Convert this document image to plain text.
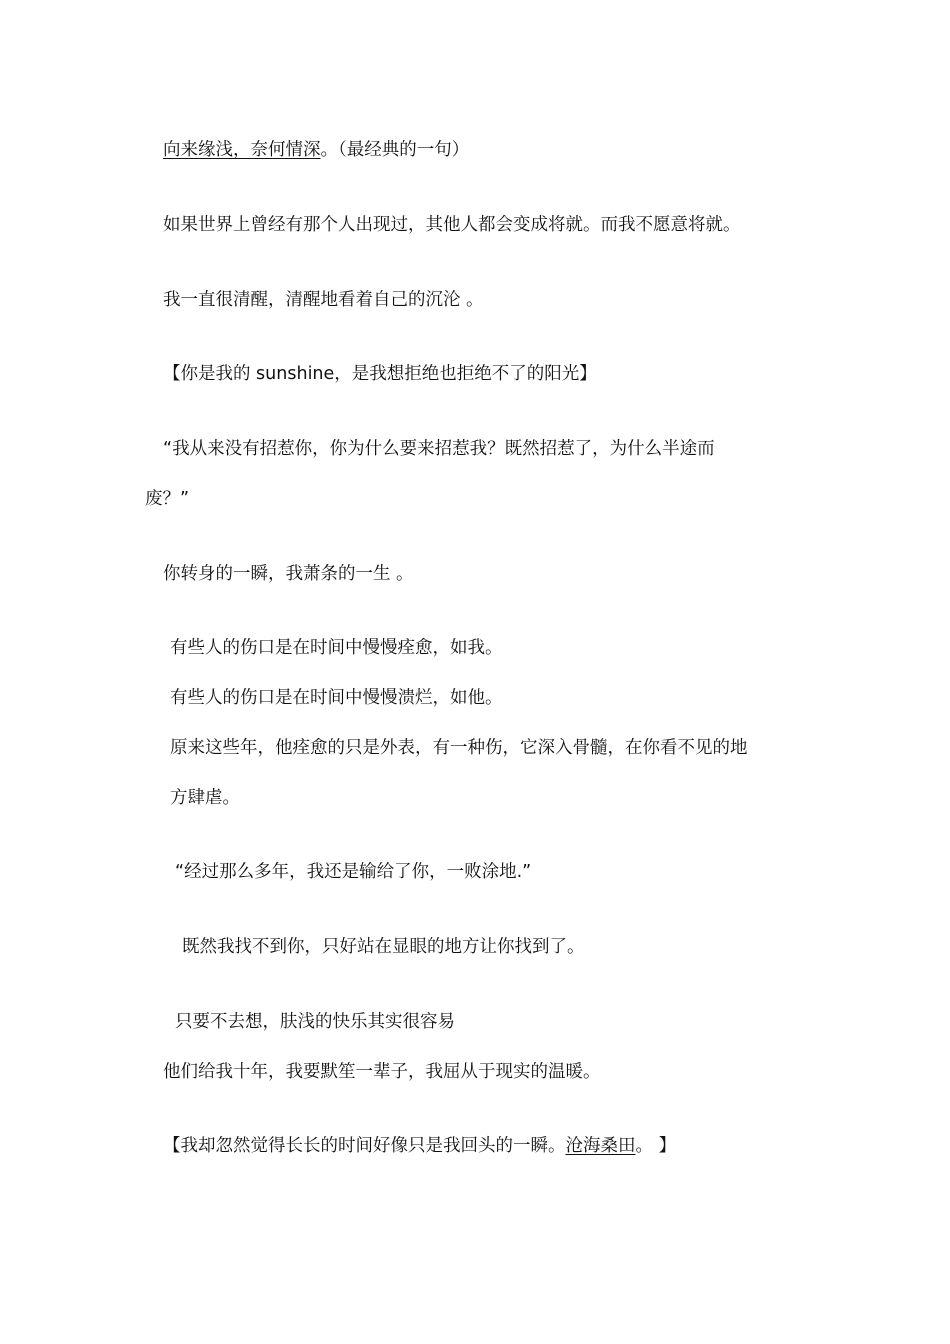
向来缘浅，奈何情深。（最经典的一句）

如果世界上曾经有那个人出现过，其他人都会变成将就。而我不愿意将就。

我一直很清醒，清醒地看着自己的沉沦 。

【你是我的 sunshine，是我想拒绝也拒绝不了的阳光】

“我从来没有招惹你，你为什么要来招惹我？既然招惹了，为什么半途而

废？”

你转身的一瞬，我萧条的一生 。

有些人的伤口是在时间中慢慢痊愈，如我。

有些人的伤口是在时间中慢慢溃烂，如他。

原来这些年，他痊愈的只是外表，有一种伤，它深入骨髓，在你看不见的地

方肆虐。

“经过那么多年，我还是输给了你，一败涂地.”

既然我找不到你，只好站在显眼的地方让你找到了。

只要不去想，肤浅的快乐其实很容易

他们给我十年，我要默笙一辈子，我屈从于现实的温暖。

【我却忽然觉得长长的时间好像只是我回头的一瞬。沧海桑田。 】
